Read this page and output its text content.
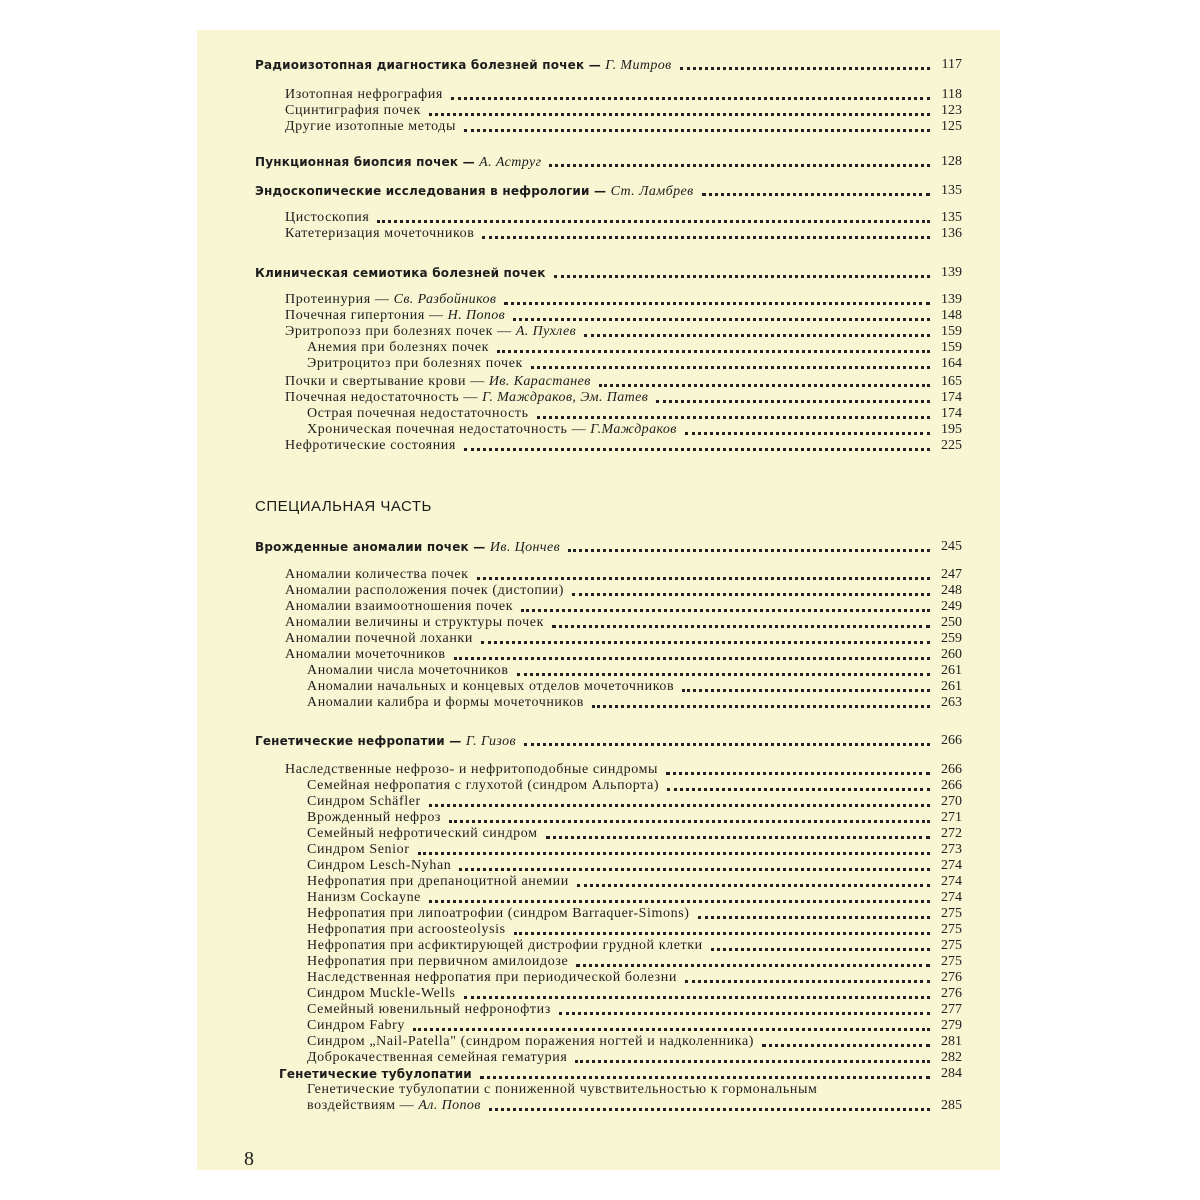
СПЕЦИАЛЬНАЯ ЧАСТЬ
8
Радиоизотопная диагностика болезней почек — Г. Митров	117
Изотопная нефрография	118
Сцинтиграфия почек	123
Другие изотопные методы	125
Пункционная биопсия почек — А. Аструг	128
Эндоскопические исследования в нефрологии — Ст. Ламбрев	135
Цистоскопия	135
Катетеризация мочеточников	136
Клиническая семиотика болезней почек	139
Протеинурия — Св. Разбойников	139
Почечная гипертония — Н. Попов	148
Эритропоэз при болезнях почек — А. Пухлев	159
Анемия при болезнях почек	159
Эритроцитоз при болезнях почек	164
Почки и свертывание крови — Ив. Карастанев	165
Почечная недостаточность — Г. Маждраков, Эм. Патев	174
Острая почечная недостаточность	174
Хроническая почечная недостаточность — Г.Маждраков	195
Нефротические состояния	225
Врожденные аномалии почек — Ив. Цончев	245
Аномалии количества почек	247
Аномалии расположения почек (дистопии)	248
Аномалии взаимоотношения почек	249
Аномалии величины и структуры почек	250
Аномалии почечной лоханки	259
Аномалии мочеточников	260
Аномалии числа мочеточников	261
Аномалии начальных и концевых отделов мочеточников	261
Аномалии калибра и формы мочеточников	263
Генетические нефропатии — Г. Гизов	266
Наследственные нефрозо- и нефритоподобные синдромы	266
Семейная нефропатия с глухотой (синдром Альпорта)	266
Синдром Schäfler	270
Врожденный нефроз	271
Семейный нефротический синдром	272
Синдром Senior	273
Синдром Lesch-Nyhan	274
Нефропатия при дрепаноцитной анемии	274
Нанизм Cockayne	274
Нефропатия при липоатрофии (синдром Barraquer-Simons)	275
Нефропатия при acroosteolysis	275
Нефропатия при асфиктирующей дистрофии грудной клетки	275
Нефропатия при первичном амилоидозе	275
Наследственная нефропатия при периодической болезни	276
Синдром Muckle-Wells	276
Семейный ювенильный нефронофтиз	277
Синдром Fabry	279
Синдром „Nail-Patella" (синдром поражения ногтей и надколенника)	281
Доброкачественная семейная гематурия	282
Генетические тубулопатии	284
Генетические тубулопатии с пониженной чувствительностью к гормональным
воздействиям — Ал. Попов	285
